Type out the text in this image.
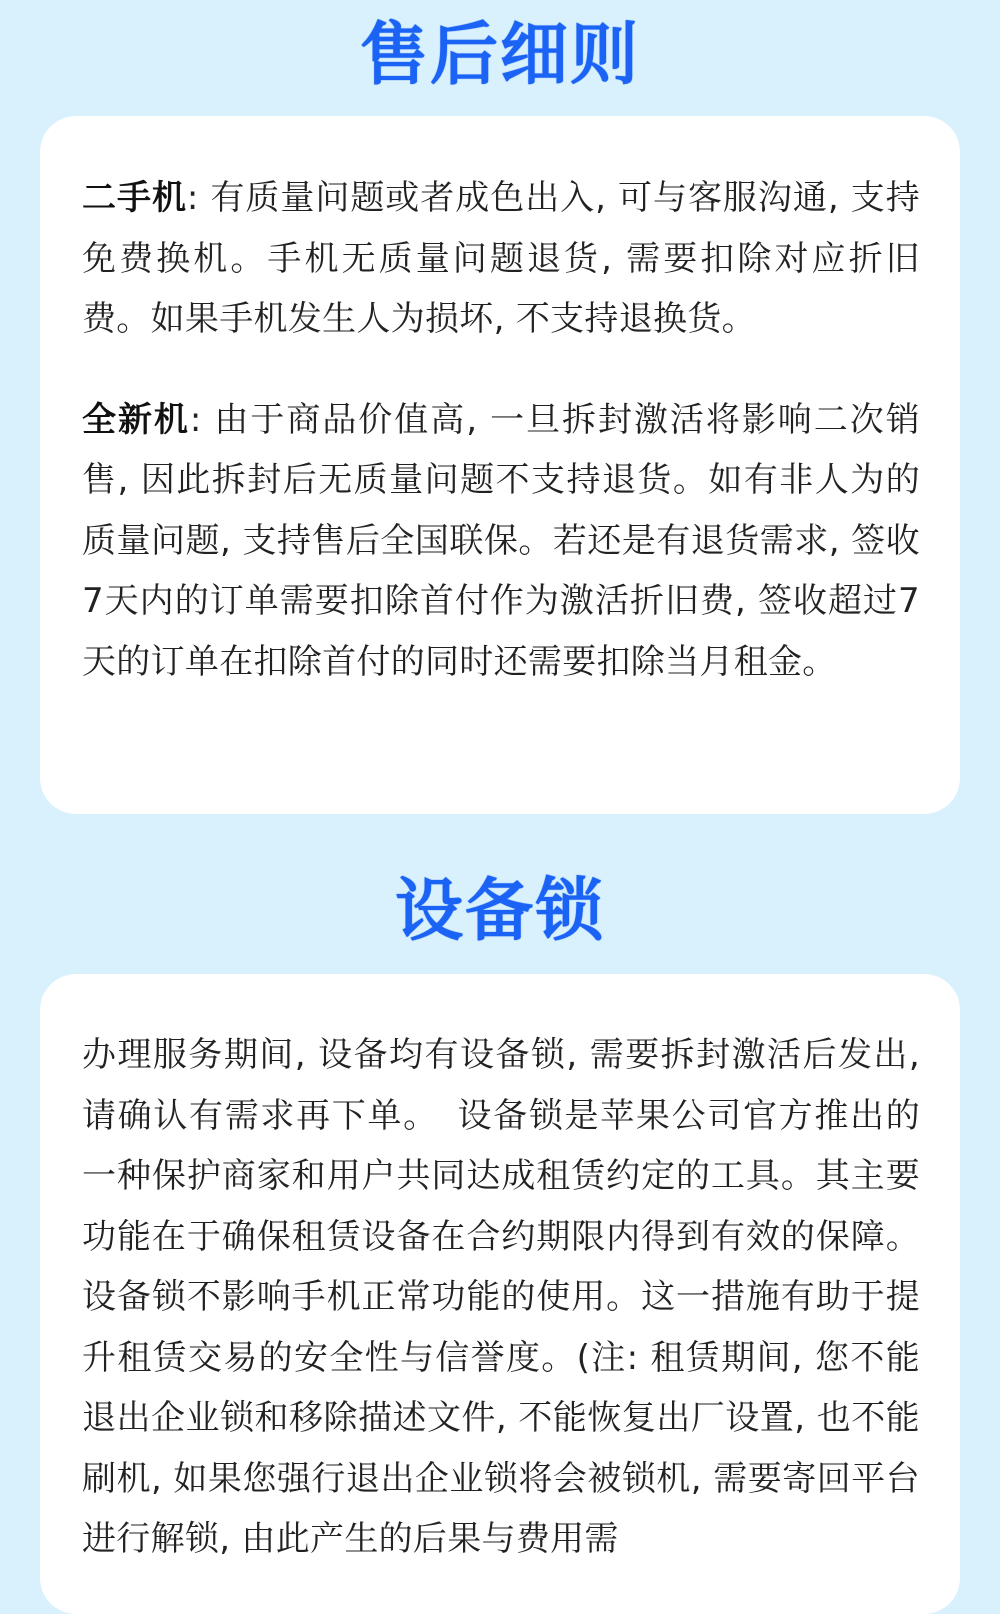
售后细则

二手机: 有质量问题或者成色出入, 可与客服沟通, 支持免费换机。手机无质量问题退货, 需要扣除对应折旧费。如果手机发生人为损坏, 不支持退换货。

全新机: 由于商品价值高, 一旦拆封激活将影响二次销售, 因此拆封后无质量问题不支持退货。如有非人为的质量问题, 支持售后全国联保。若还是有退货需求, 签收7天内的订单需要扣除首付作为激活折旧费, 签收超过7天的订单在扣除首付的同时还需要扣除当月租金。

设备锁

办理服务期间, 设备均有设备锁, 需要拆封激活后发出, 请确认有需求再下单。　设备锁是苹果公司官方推出的一种保护商家和用户共同达成租赁约定的工具。其主要功能在于确保租赁设备在合约期限内得到有效的保障。设备锁不影响手机正常功能的使用。这一措施有助于提升租赁交易的安全性与信誉度。(注: 租赁期间, 您不能退出企业锁和移除描述文件, 不能恢复出厂设置, 也不能刷机, 如果您强行退出企业锁将会被锁机, 需要寄回平台进行解锁, 由此产生的后果与费用需
